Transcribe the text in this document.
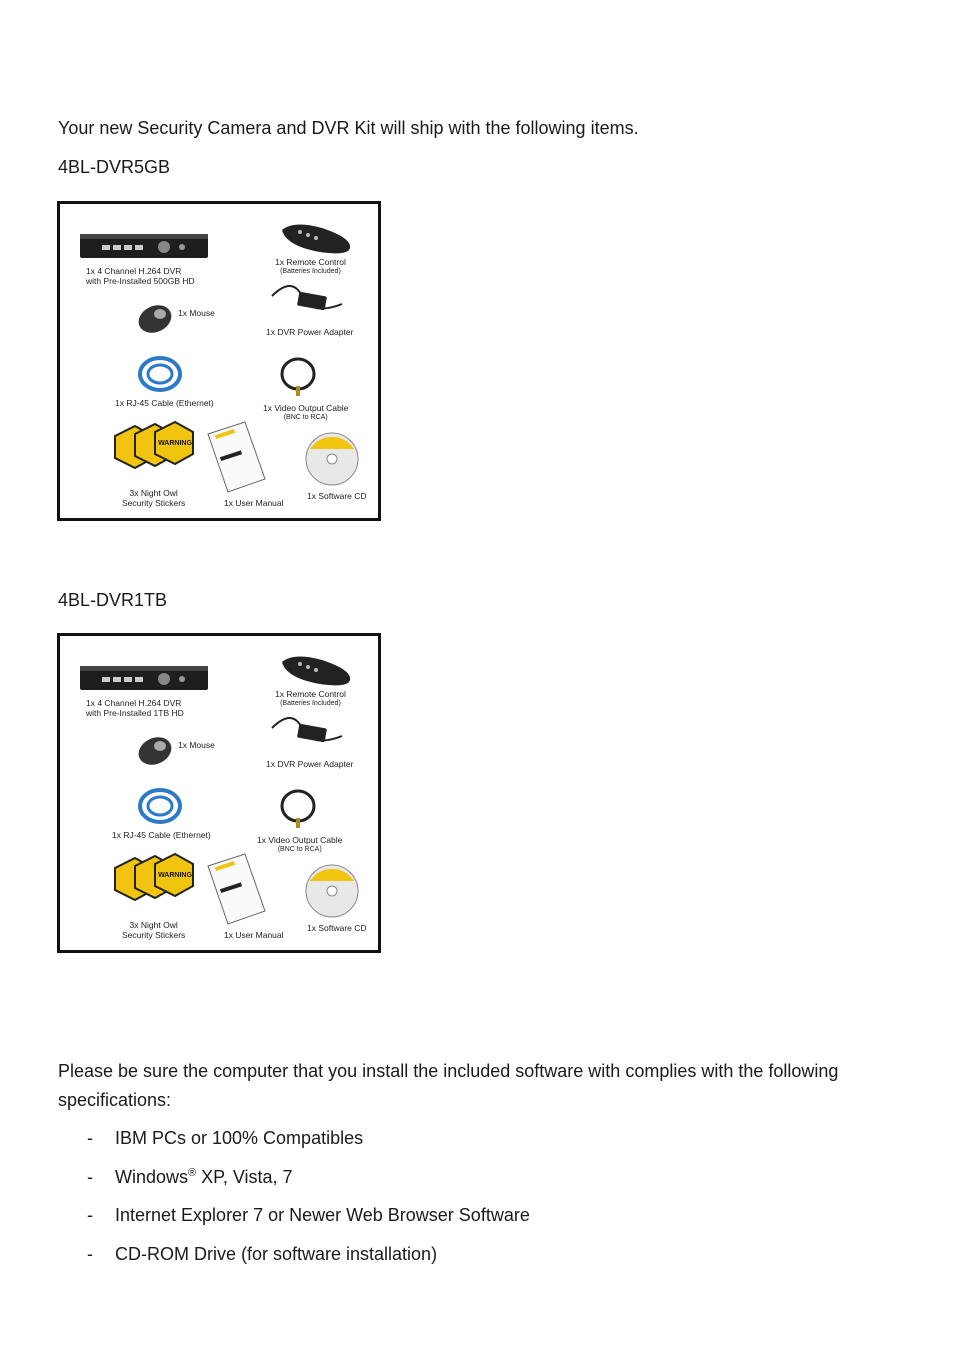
Your new Security Camera and DVR Kit will ship with the following items.
4BL-DVR5GB
WARNING
1x 4 Channel H.264 DVR
with Pre-Installed 500GB HD
1x Remote Control
(Batteries Included)
1x Mouse
1x DVR Power Adapter
1x RJ-45 Cable (Ethernet)	1x Video Output Cable
(BNC to RCA)
3x Night Owl
Security Stickers	1x User Manual
1x Software CD
4BL-DVR1TB
WARNING
1x 4 Channel H.264 DVR
with Pre-Installed 1TB HD
1x Remote Control
(Batteries Included)
1x Mouse
1x DVR Power Adapter
1x RJ-45 Cable (Ethernet)	1x Video Output Cable
(BNC to RCA)
3x Night Owl
Security Stickers	1x User Manual
1x Software CD
Please be sure the computer that you install the included software with complies with the following specifications:
- IBM PCs or 100% Compatibles
- Windows® XP, Vista, 7
- Internet Explorer 7 or Newer Web Browser Software
- CD-ROM Drive (for software installation)
